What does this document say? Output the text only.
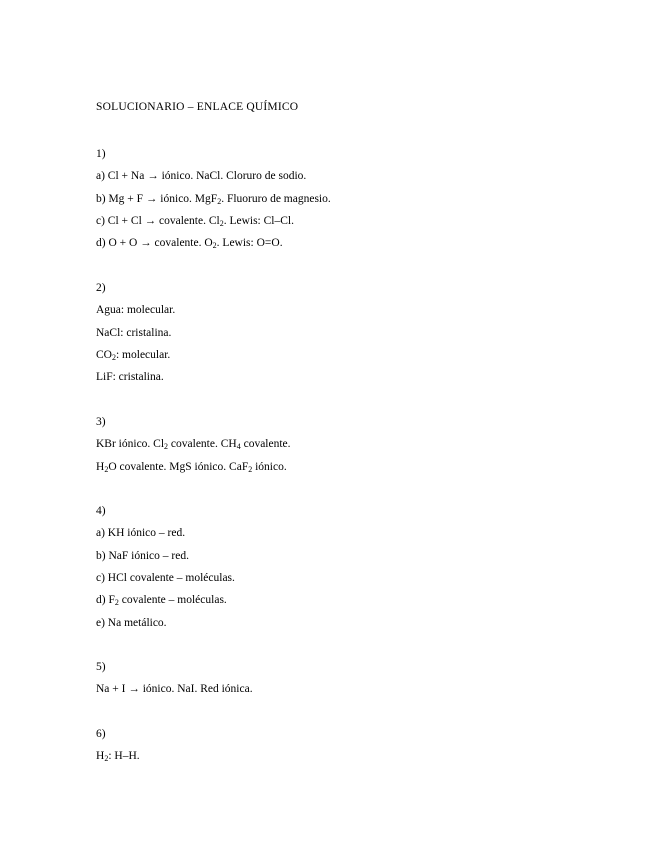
SOLUCIONARIO – ENLACE QUÍMICO
1)
a) Cl + Na → iónico. NaCl. Cloruro de sodio.
b) Mg + F → iónico. MgF$_2$. Fluoruro de magnesio.
c) Cl + Cl → covalente. $Cl_2$. Lewis: Cl–Cl.
d) O + O → covalente. $O_2$. Lewis: O=O.
2)
Agua: molecular.
NaCl: cristalina.
$CO_2$: molecular.
LiF: cristalina.
3)
KBr iónico. $Cl_2$ covalente. $CH_4$ covalente.
$H_2O$ covalente. MgS iónico. CaF$_2$ iónico.
4)
a) KH iónico – red.
b) NaF iónico – red.
c) HCl covalente – moléculas.
d) $F_2$ covalente – moléculas.
e) Na metálico.
5)
Na + I → iónico. NaI. Red iónica.
6)
$H_2$: H–H.
